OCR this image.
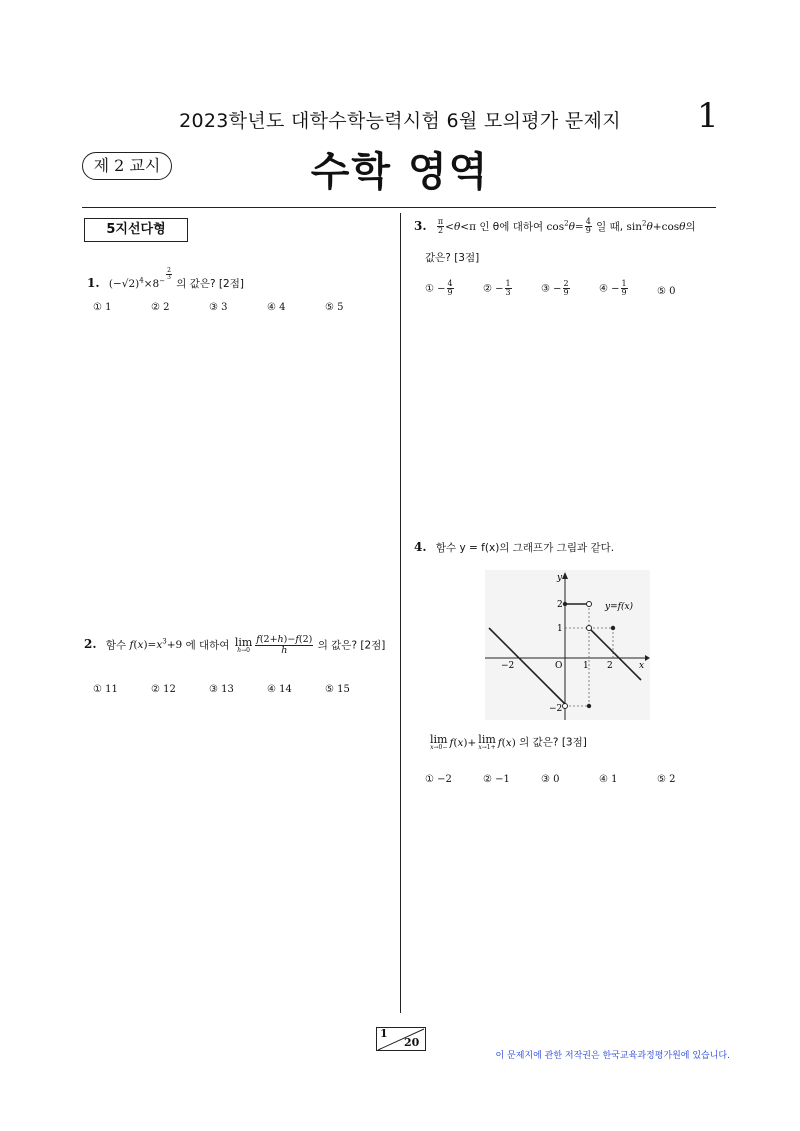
2023학년도 대학수학능력시험 6월 모의평가 문제지	1
제 2 교시	수학 영역
5지선다형
1. $(-√2)^4\times 8^{- \frac{2}{3}}$
의 값은? [2점]
① 1	② 2	③ 3	④ 4	⑤ 5
2. 함수 $f(x)=x^3+9$ 에 대하여 lim
$h\to 0 \frac{f(2+h)-f(2)}{h}$ 의 값은? [2점]
① 11	② 12	③ 13	④ 14	⑤ 15
3. $\frac{\pi}{2} <\theta<\pi$ 인 θ에 대하여 $\cos^2\theta= \frac{4}{9}$ 일 때, $\sin^2\theta+\cos\theta$의
값은? [3점]
① − $\frac{4}{9}$	② − $\frac{1}{3}$	③ − $\frac{2}{9}$	④ − $\frac{1}{9}$	⑤ 0
4. 함수 y = f(x)의 그래프가 그림과 같다.
y
x
O
y=f(x)
−2	1 2
2
1
−2
lim
x→0− f(x)+ lim
x→1+ f(x) 의 값은? [3점]
① −2	② −1	③ 0	④ 1	⑤ 2
1
20
이 문제지에 관한 저작권은 한국교육과정평가원에 있습니다.
